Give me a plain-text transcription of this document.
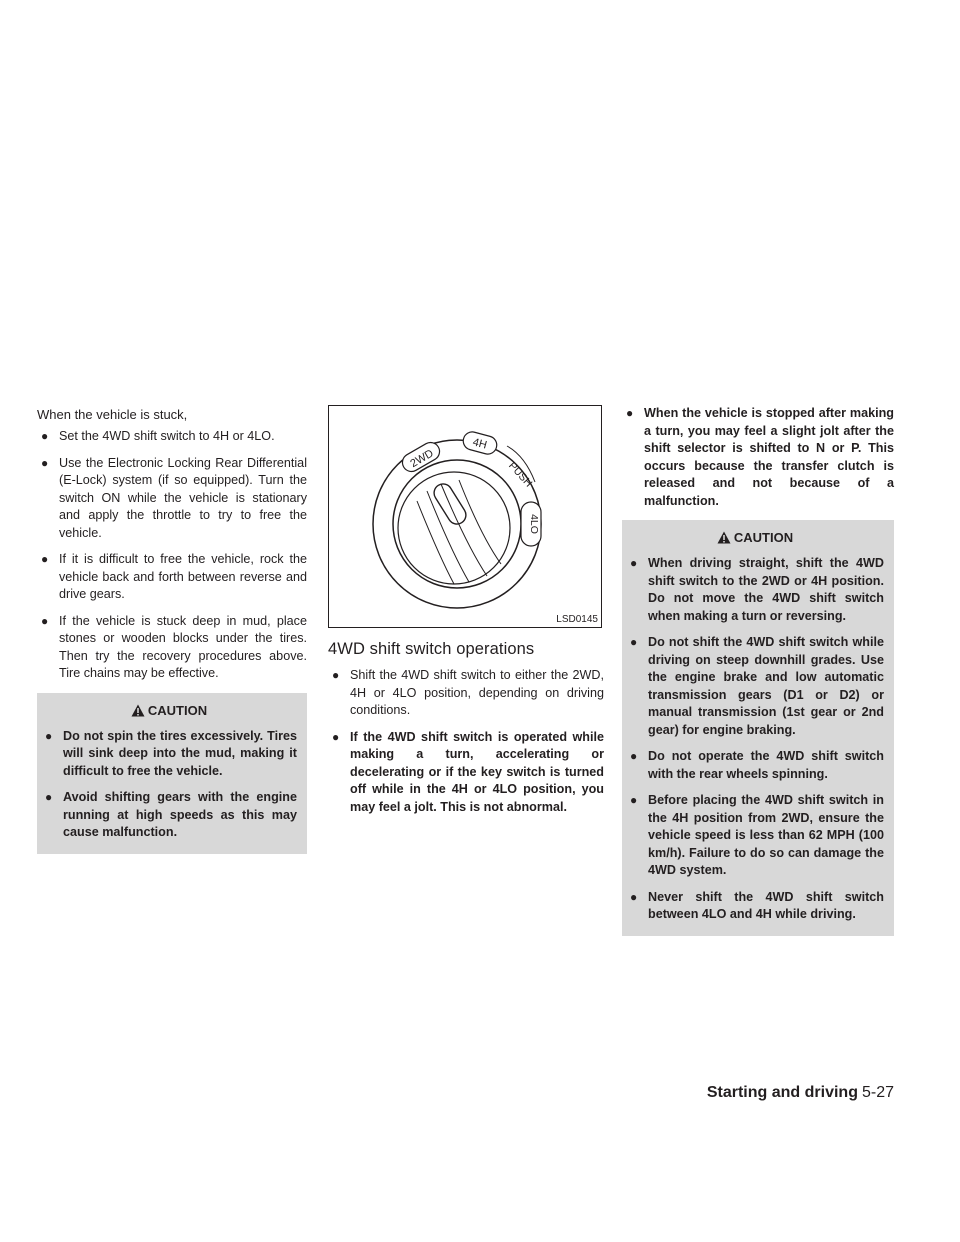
When the vehicle is stuck,

● Set the 4WD shift switch to 4H or 4LO.
● Use the Electronic Locking Rear Differential (E-Lock) system (if so equipped). Turn the switch ON while the vehicle is stationary and apply the throttle to try to free the vehicle.
● If it is difficult to free the vehicle, rock the vehicle back and forth between reverse and drive gears.
● If the vehicle is stuck deep in mud, place stones or wooden blocks under the tires. Then try the recovery procedures above. Tire chains may be effective.
CAUTION
● Do not spin the tires excessively. Tires will sink deep into the mud, making it difficult to free the vehicle.
● Avoid shifting gears with the engine running at high speeds as this may cause malfunction.
2WD
4H
PUSH
4LO
LSD0145
4WD shift switch operations
● Shift the 4WD shift switch to either the 2WD, 4H or 4LO position, depending on driving conditions.
● If the 4WD shift switch is operated while making a turn, accelerating or decelerating or if the key switch is turned off while in the 4H or 4LO position, you may feel a jolt. This is not abnormal.
● When the vehicle is stopped after making a turn, you may feel a slight jolt after the shift selector is shifted to N or P. This occurs because the transfer clutch is released and not because of a malfunction.
CAUTION
● When driving straight, shift the 4WD shift switch to the 2WD or 4H position. Do not move the 4WD shift switch when making a turn or reversing.
● Do not shift the 4WD shift switch while driving on steep downhill grades. Use the engine brake and low automatic transmission gears (D1 or D2) or manual transmission (1st gear or 2nd gear) for engine braking.
● Do not operate the 4WD shift switch with the rear wheels spinning.
● Before placing the 4WD shift switch in the 4H position from 2WD, ensure the vehicle speed is less than 62 MPH (100 km/h). Failure to do so can damage the 4WD system.
● Never shift the 4WD shift switch between 4LO and 4H while driving.
Starting and driving 5-27
